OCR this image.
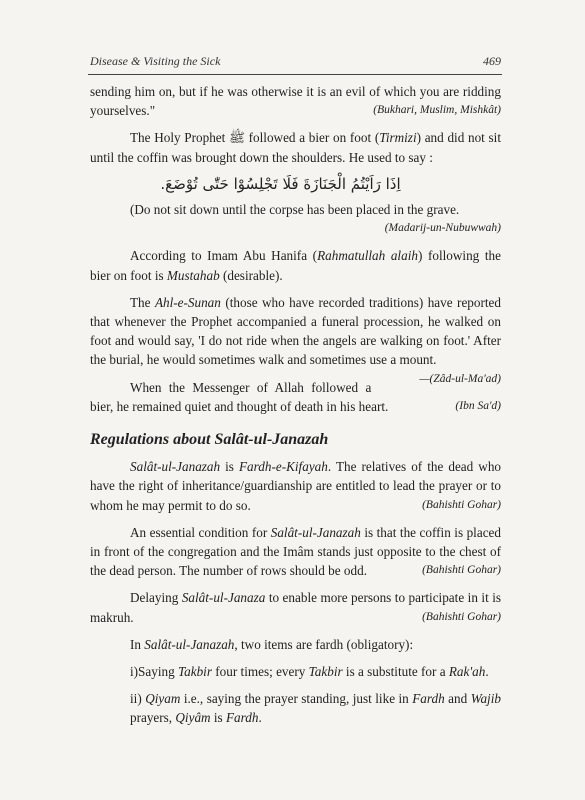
Disease & Visiting the Sick	469

sending him on, but if he was otherwise it is an evil of which you are ridding yourselves."	(Bukhari, Muslim, Mishkât)

The Holy Prophet ﷺ followed a bier on foot (Tirmizi) and did not sit until the coffin was brought down the shoulders. He used to say :

اِذَا رَاَيْتُمُ الْجَنَازَةَ فَلَا تَجْلِسُوْا حَتّٰى تُوْضَعَ.

(Do not sit down until the corpse has been placed in the grave.

(Madarij-un-Nubuwwah)

According to Imam Abu Hanifa (Rahmatullah alaih) following the bier on foot is Mustahab (desirable).

The Ahl-e-Sunan (those who have recorded traditions) have reported that whenever the Prophet accompanied a funeral procession, he walked on foot and would say, 'I do not ride when the angels are walking on foot.' After the burial, he would sometimes walk and sometimes use a mount.
—(Zâd-ul-Ma'ad)

When the Messenger of Allah followed a bier, he remained quiet and thought of death in his heart.	(Ibn Sa'd)

Regulations about Salât-ul-Janazah

Salât-ul-Janazah is Fardh-e-Kifayah. The relatives of the dead who have the right of inheritance/guardianship are entitled to lead the prayer or to whom he may permit to do so.	(Bahishti Gohar)

An essential condition for Salât-ul-Janazah is that the coffin is placed in front of the congregation and the Imâm stands just opposite to the chest of the dead person. The number of rows should be odd.	(Bahishti Gohar)

Delaying Salât-ul-Janaza to enable more persons to participate in it is makruh.	(Bahishti Gohar)

In Salât-ul-Janazah, two items are fardh (obligatory):

i)Saying Takbir four times; every Takbir is a substitute for a Rak'ah.

ii) Qiyam i.e., saying the prayer standing, just like in Fardh and Wajib prayers, Qiyâm is Fardh.
